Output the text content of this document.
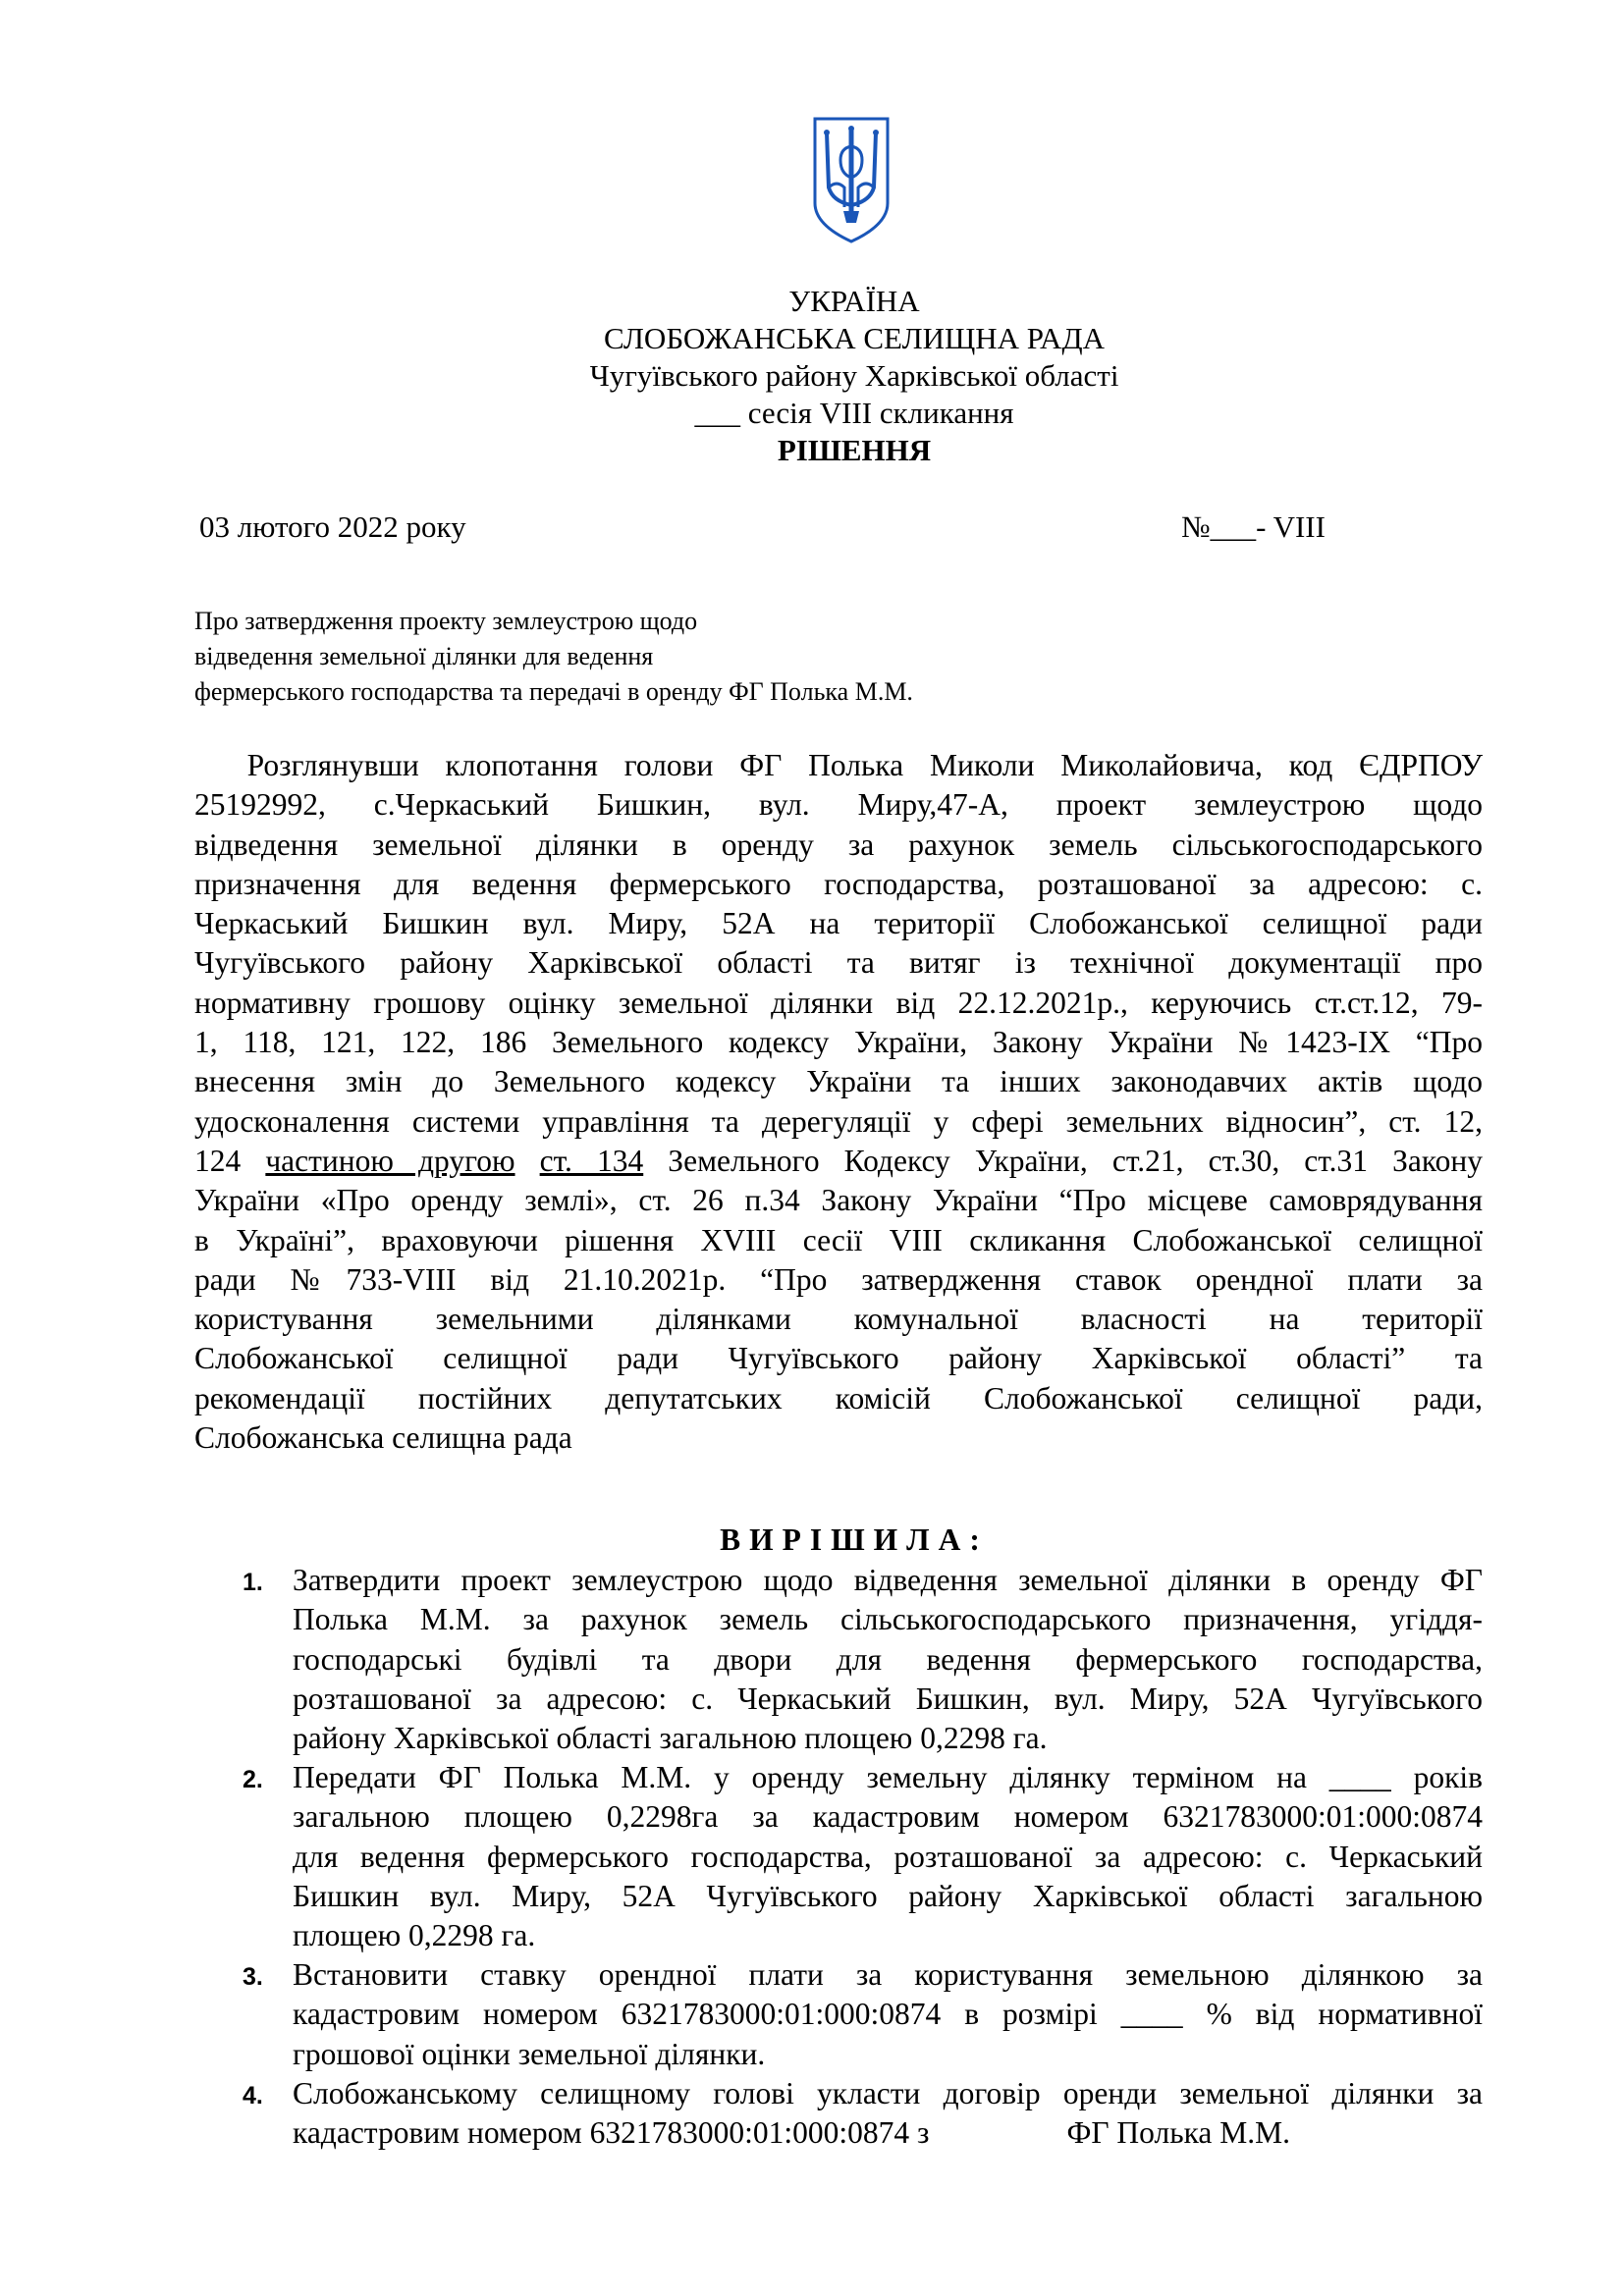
УКРАЇНА
СЛОБОЖАНСЬКА СЕЛИЩНА РАДА
Чугуївського району Харківської області
___ сесія VIII скликання
РІШЕННЯ
03 лютого 2022 року	№___- VIII
Про затвердження проекту землеустрою щодо
відведення земельної ділянки для ведення
фермерського господарства та передачі в оренду ФГ Полька М.М.
Розглянувши клопотання голови ФГ Полька Миколи Миколайовича, код ЄДРПОУ
25192992, с.Черкаський Бишкин, вул. Миру,47-А, проект землеустрою щодо
відведення земельної ділянки в оренду за рахунок земель сільськогосподарського
призначення для ведення фермерського господарства, розташованої за адресою: с.
Черкаський Бишкин вул. Миру, 52А на території Слобожанської селищної ради
Чугуївського району Харківської області та витяг із технічної документації про
нормативну грошову оцінку земельної ділянки від 22.12.2021р., керуючись ст.ст.12, 79-
1, 118, 121, 122, 186 Земельного кодексу України, Закону України №1423-IX “Про
внесення змін до Земельного кодексу України та інших законодавчих актів щодо
удосконалення системи управління та дерегуляції у сфері земельних відносин”, ст. 12,
124 частиною другою ст. 134 Земельного Кодексу України, ст.21, ст.30, ст.31 Закону
України «Про оренду землі», ст. 26 п.34 Закону України “Про місцеве самоврядування
в Україні”, враховуючи рішення XVIII сесії VIII скликання Слобожанської селищної
ради №733-VIII від 21.10.2021р. “Про затвердження ставок орендної плати за
користування земельними ділянками комунальної власності на території
Слобожанської селищної ради Чугуївського району Харківської області” та
рекомендації постійних депутатських комісій Слобожанської селищної ради,
Слобожанська селищна рада
ВИРІШИЛА:
1. Затвердити проект землеустрою щодо відведення земельної ділянки в оренду ФГ
Полька М.М. за рахунок земель сільськогосподарського призначення, угіддя-
господарські будівлі та двори для ведення фермерського господарства,
розташованої за адресою: с. Черкаський Бишкин, вул. Миру, 52А Чугуївського
району Харківської області загальною площею 0,2298 га.
2. Передати ФГ Полька М.М. у оренду земельну ділянку терміном на ____ років
загальною площею 0,2298га за кадастровим номером 6321783000:01:000:0874
для ведення фермерського господарства, розташованої за адресою: с. Черкаський
Бишкин вул. Миру, 52А Чугуївського району Харківської області загальною
площею 0,2298 га.
3. Встановити ставку орендної плати за користування земельною ділянкою за
кадастровим номером 6321783000:01:000:0874 в розмірі ____ % від нормативної
грошової оцінки земельної ділянки.
4. Слобожанському селищному голові укласти договір оренди земельної ділянки за
кадастровим номером 6321783000:01:000:0874 з	ФГ Полька М.М.
